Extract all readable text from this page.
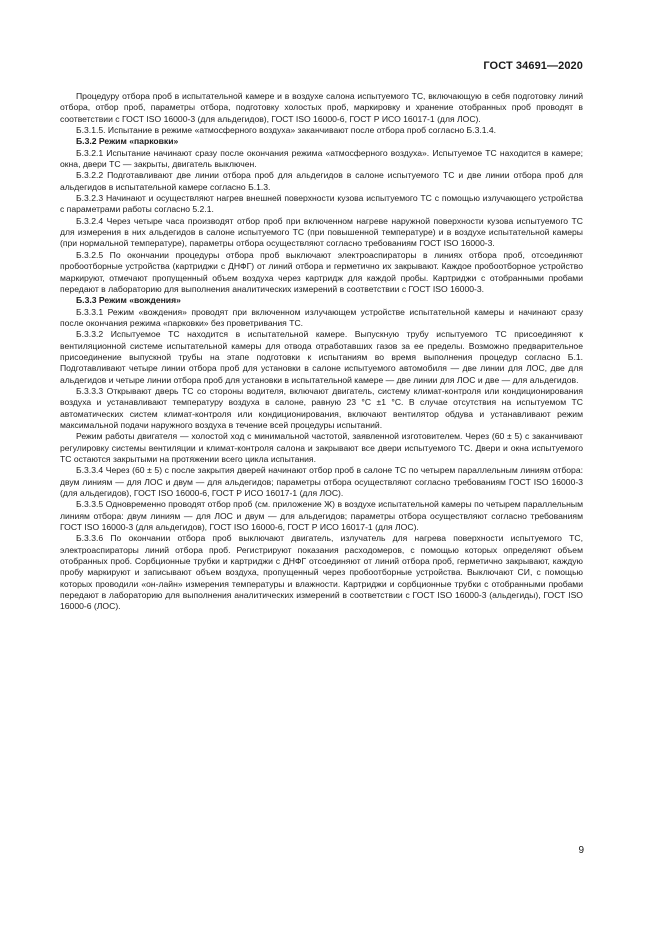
ГОСТ 34691—2020

Процедуру отбора проб в испытательной камере и в воздухе салона испытуемого ТС, включающую в себя подготовку линий отбора, отбор проб, параметры отбора, подготовку холостых проб, маркировку и хранение отобранных проб проводят в соответствии с ГОСТ ISO 16000-3 (для альдегидов), ГОСТ ISO 16000-6, ГОСТ Р ИСО 16017-1 (для ЛОС).

Б.3.1.5. Испытание в режиме «атмосферного воздуха» заканчивают после отбора проб согласно Б.3.1.4.

Б.3.2 Режим «парковки»

Б.3.2.1 Испытание начинают сразу после окончания режима «атмосферного воздуха». Испытуемое ТС находится в камере; окна, двери ТС — закрыты, двигатель выключен.

Б.3.2.2 Подготавливают две линии отбора проб для альдегидов в салоне испытуемого ТС и две линии отбора проб для альдегидов в испытательной камере согласно Б.1.3.

Б.3.2.3 Начинают и осуществляют нагрев внешней поверхности кузова испытуемого ТС с помощью излучающего устройства с параметрами работы согласно 5.2.1.

Б.3.2.4 Через четыре часа производят отбор проб при включенном нагреве наружной поверхности кузова испытуемого ТС для измерения в них альдегидов в салоне испытуемого ТС (при повышенной температуре) и в воздухе испытательной камеры (при нормальной температуре), параметры отбора осуществляют согласно требованиям ГОСТ ISO 16000-3.

Б.3.2.5 По окончании процедуры отбора проб выключают электроаспираторы в линиях отбора проб, отсоединяют пробоотборные устройства (картриджи с ДНФГ) от линий отбора и герметично их закрывают. Каждое пробоотборное устройство маркируют, отмечают пропущенный объем воздуха через картридж для каждой пробы. Картриджи с отобранными пробами передают в лабораторию для выполнения аналитических измерений в соответствии с ГОСТ ISO 16000-3.

Б.3.3 Режим «вождения»

Б.3.3.1 Режим «вождения» проводят при включенном излучающем устройстве испытательной камеры и начинают сразу после окончания режима «парковки» без проветривания ТС.

Б.3.3.2 Испытуемое ТС находится в испытательной камере. Выпускную трубу испытуемого ТС присоединяют к вентиляционной системе испытательной камеры для отвода отработавших газов за ее пределы. Возможно предварительное присоединение выпускной трубы на этапе подготовки к испытаниям во время выполнения процедур согласно Б.1. Подготавливают четыре линии отбора проб для установки в салоне испытуемого автомобиля — две линии для ЛОС, две для альдегидов и четыре линии отбора проб для установки в испытательной камере — две линии для ЛОС и две — для альдегидов.

Б.3.3.3 Открывают дверь ТС со стороны водителя, включают двигатель, систему климат-контроля или кондиционирования воздуха и устанавливают температуру воздуха в салоне, равную 23 °С ±1 °С. В случае отсутствия на испытуемом ТС автоматических систем климат-контроля или кондиционирования, включают вентилятор обдува и устанавливают режим максимальной подачи наружного воздуха в течение всей процедуры испытаний.

Режим работы двигателя — холостой ход с минимальной частотой, заявленной изготовителем. Через (60 ± 5) с заканчивают регулировку системы вентиляции и климат-контроля салона и закрывают все двери испытуемого ТС. Двери и окна испытуемого ТС остаются закрытыми на протяжении всего цикла испытания.

Б.3.3.4 Через (60 ± 5) с после закрытия дверей начинают отбор проб в салоне ТС по четырем параллельным линиям отбора: двум линиям — для ЛОС и двум — для альдегидов; параметры отбора осуществляют согласно требованиям ГОСТ ISO 16000-3 (для альдегидов), ГОСТ ISO 16000-6, ГОСТ Р ИСО 16017-1 (для ЛОС).

Б.3.3.5 Одновременно проводят отбор проб (см. приложение Ж) в воздухе испытательной камеры по четырем параллельным линиям отбора: двум линиям — для ЛОС и двум — для альдегидов; параметры отбора осуществляют согласно требованиям ГОСТ ISO 16000-3 (для альдегидов), ГОСТ ISO 16000-6, ГОСТ Р ИСО 16017-1 (для ЛОС).

Б.3.3.6 По окончании отбора проб выключают двигатель, излучатель для нагрева поверхности испытуемого ТС, электроаспираторы линий отбора проб. Регистрируют показания расходомеров, с помощью которых определяют объем отобранных проб. Сорбционные трубки и картриджи с ДНФГ отсоединяют от линий отбора проб, герметично закрывают, каждую пробу маркируют и записывают объем воздуха, пропущенный через пробоотборные устройства. Выключают СИ, с помощью которых проводили «он-лайн» измерения температуры и влажности. Картриджи и сорбционные трубки с отобранными пробами передают в лабораторию для выполнения аналитических измерений в соответствии с ГОСТ ISO 16000-3 (альдегиды), ГОСТ ISO 16000-6 (ЛОС).

9
